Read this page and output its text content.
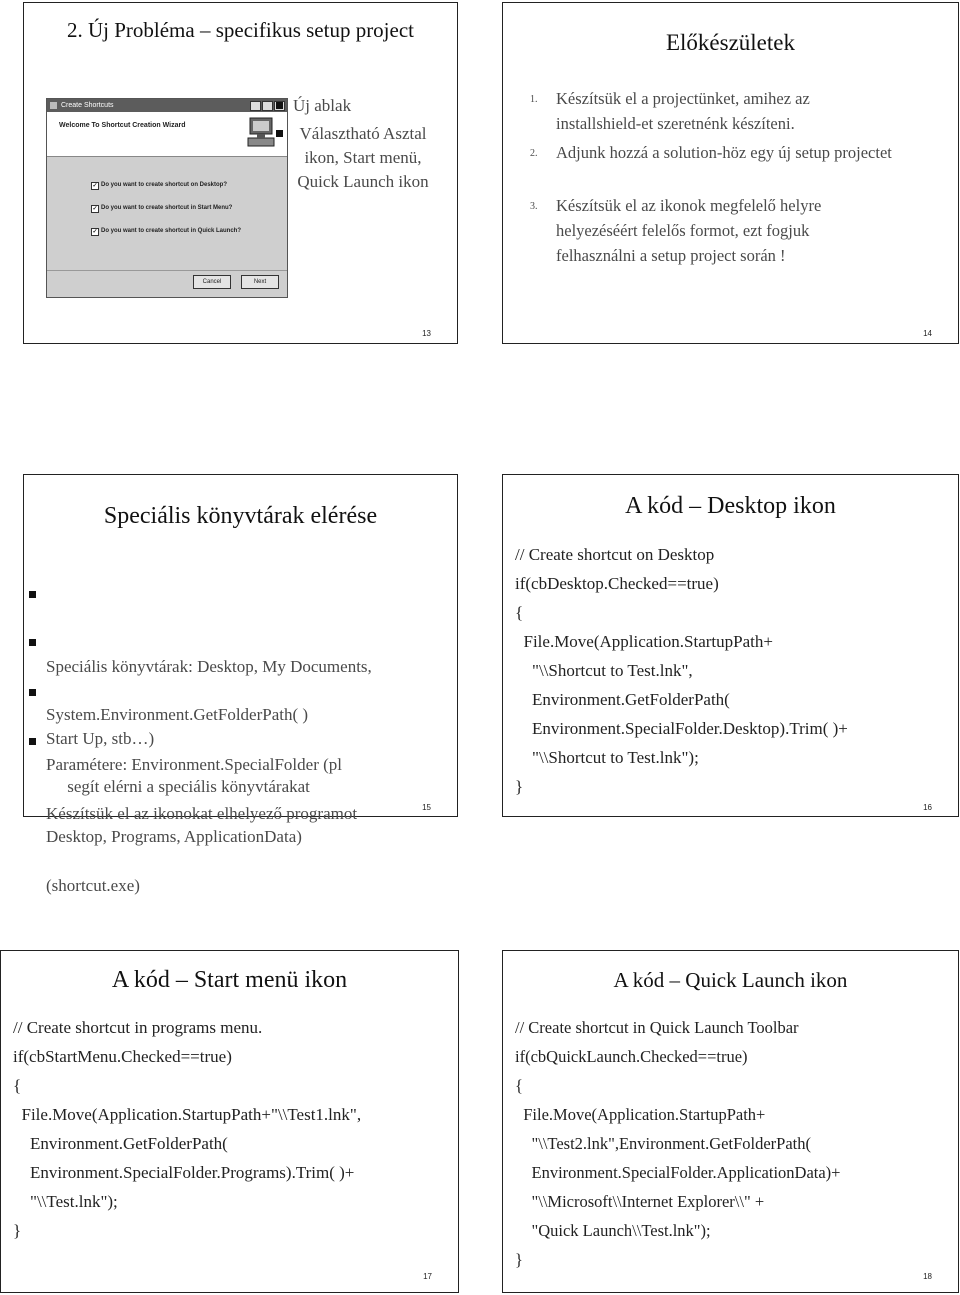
2. Új Probléma – specifikus setup project
Create Shortcuts
Welcome To Shortcut Creation Wizard
✓ Do you want to create shortcut on Desktop?
✓ Do you want to create shortcut in Start Menu?
✓ Do you want to create shortcut in Quick Launch?
Cancel	Next
Új ablak
Választható Asztal ikon, Start menü, Quick Launch ikon
13
Előkészületek
1. Készítsük el a projectünket, amihez az installshield-et szeretnénk készíteni.
2. Adjunk hozzá a solution-höz egy új setup projectet
3. Készítsük el az ikonok megfelelő helyre helyezéséért felelős formot, ezt fogjuk felhasználni a setup project során !
14
Speciális könyvtárak elérése

Speciális könyvtárak: Desktop, My Documents,

Start Up, stb…)

System.Environment.GetFolderPath( )

segít elérni a speciális könyvtárakat

Paramétere: Environment.SpecialFolder (pl

Desktop, Programs, ApplicationData)

Készítsük el az ikonokat elhelyező programot

(shortcut.exe)

15
A kód – Desktop ikon
// Create shortcut on Desktop
if(cbDesktop.Checked==true)
{
File.Move(Application.StartupPath+
"\\Shortcut to Test.lnk",
Environment.GetFolderPath(
Environment.SpecialFolder.Desktop).Trim( )+
"\\Shortcut to Test.lnk");
}
16
A kód – Start menü ikon
// Create shortcut in programs menu.
if(cbStartMenu.Checked==true)
{
File.Move(Application.StartupPath+"\\Test1.lnk",
Environment.GetFolderPath(
Environment.SpecialFolder.Programs).Trim( )+
"\\Test.lnk");
}
17
A kód – Quick Launch ikon
// Create shortcut in Quick Launch Toolbar
if(cbQuickLaunch.Checked==true)
{
File.Move(Application.StartupPath+
"\\Test2.lnk",Environment.GetFolderPath(
Environment.SpecialFolder.ApplicationData)+
"\\Microsoft\\Internet Explorer\\" +
"Quick Launch\\Test.lnk");
}
18
